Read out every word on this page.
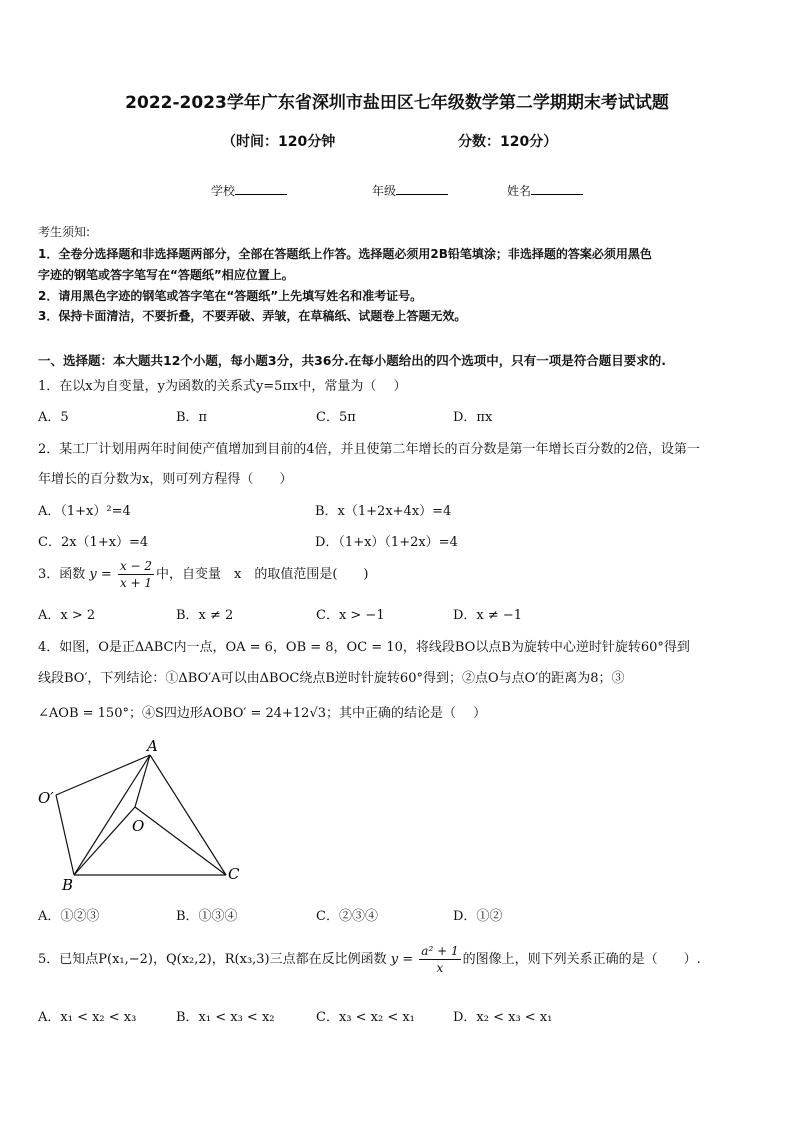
2022-2023学年广东省深圳市盐田区七年级数学第二学期期末考试试题
（时间：120分钟	分数：120分）
学校	年级	姓名
考生须知:
1．全卷分选择题和非选择题两部分，全部在答题纸上作答。选择题必须用2B铅笔填涂；非选择题的答案必须用黑色
字迹的钢笔或答字笔写在“答题纸”相应位置上。
2．请用黑色字迹的钢笔或答字笔在“答题纸”上先填写姓名和准考证号。
3．保持卡面清洁，不要折叠，不要弄破、弄皱，在草稿纸、试题卷上答题无效。
一、选择题：本大题共12个小题，每小题3分，共36分.在每小题给出的四个选项中，只有一项是符合题目要求的.
1．在以x为自变量，y为函数的关系式y=5πx中，常量为（　 ）
A．5	B．π	C．5π	D．πx
2．某工厂计划用两年时间使产值增加到目前的4倍，并且使第二年增长的百分数是第一年增长百分数的2倍，设第一
年增长的百分数为x，则可列方程得（　　）
A．（1+x）²=4	B．x（1+2x+4x）=4
C．2x（1+x）=4	D．（1+x）（1+2x）=4
3．函数 $y = \frac{x - 2}{x + 1}$ 中，自变量　x　的取值范围是(　　)
A．x > 2	B．x ≠ 2	C．x > −1	D．x ≠ −1
4．如图，O是正ΔABC内一点，OA = 6，OB = 8，OC = 10，将线段BO以点B为旋转中心逆时针旋转60°得到
线段BO′，下列结论：①ΔBO′A可以由ΔBOC绕点B逆时针旋转60°得到；②点O与点O′的距离为8；③
∠AOB = 150°；④S四边形AOBO′ = 24+12√3；其中正确的结论是（　 ）
A
B
C
O
O′
A．①②③	B．①③④	C．②③④	D．①②
5．已知点P(x₁,−2)，Q(x₂,2)，R(x₃,3)三点都在反比例函数 $y = \frac{\text{a² + 1}}{x}$ 的图像上，则下列关系正确的是（　　）.
A．x₁ < x₂ < x₃	B．x₁ < x₃ < x₂	C．x₃ < x₂ < x₁	D．x₂ < x₃ < x₁
